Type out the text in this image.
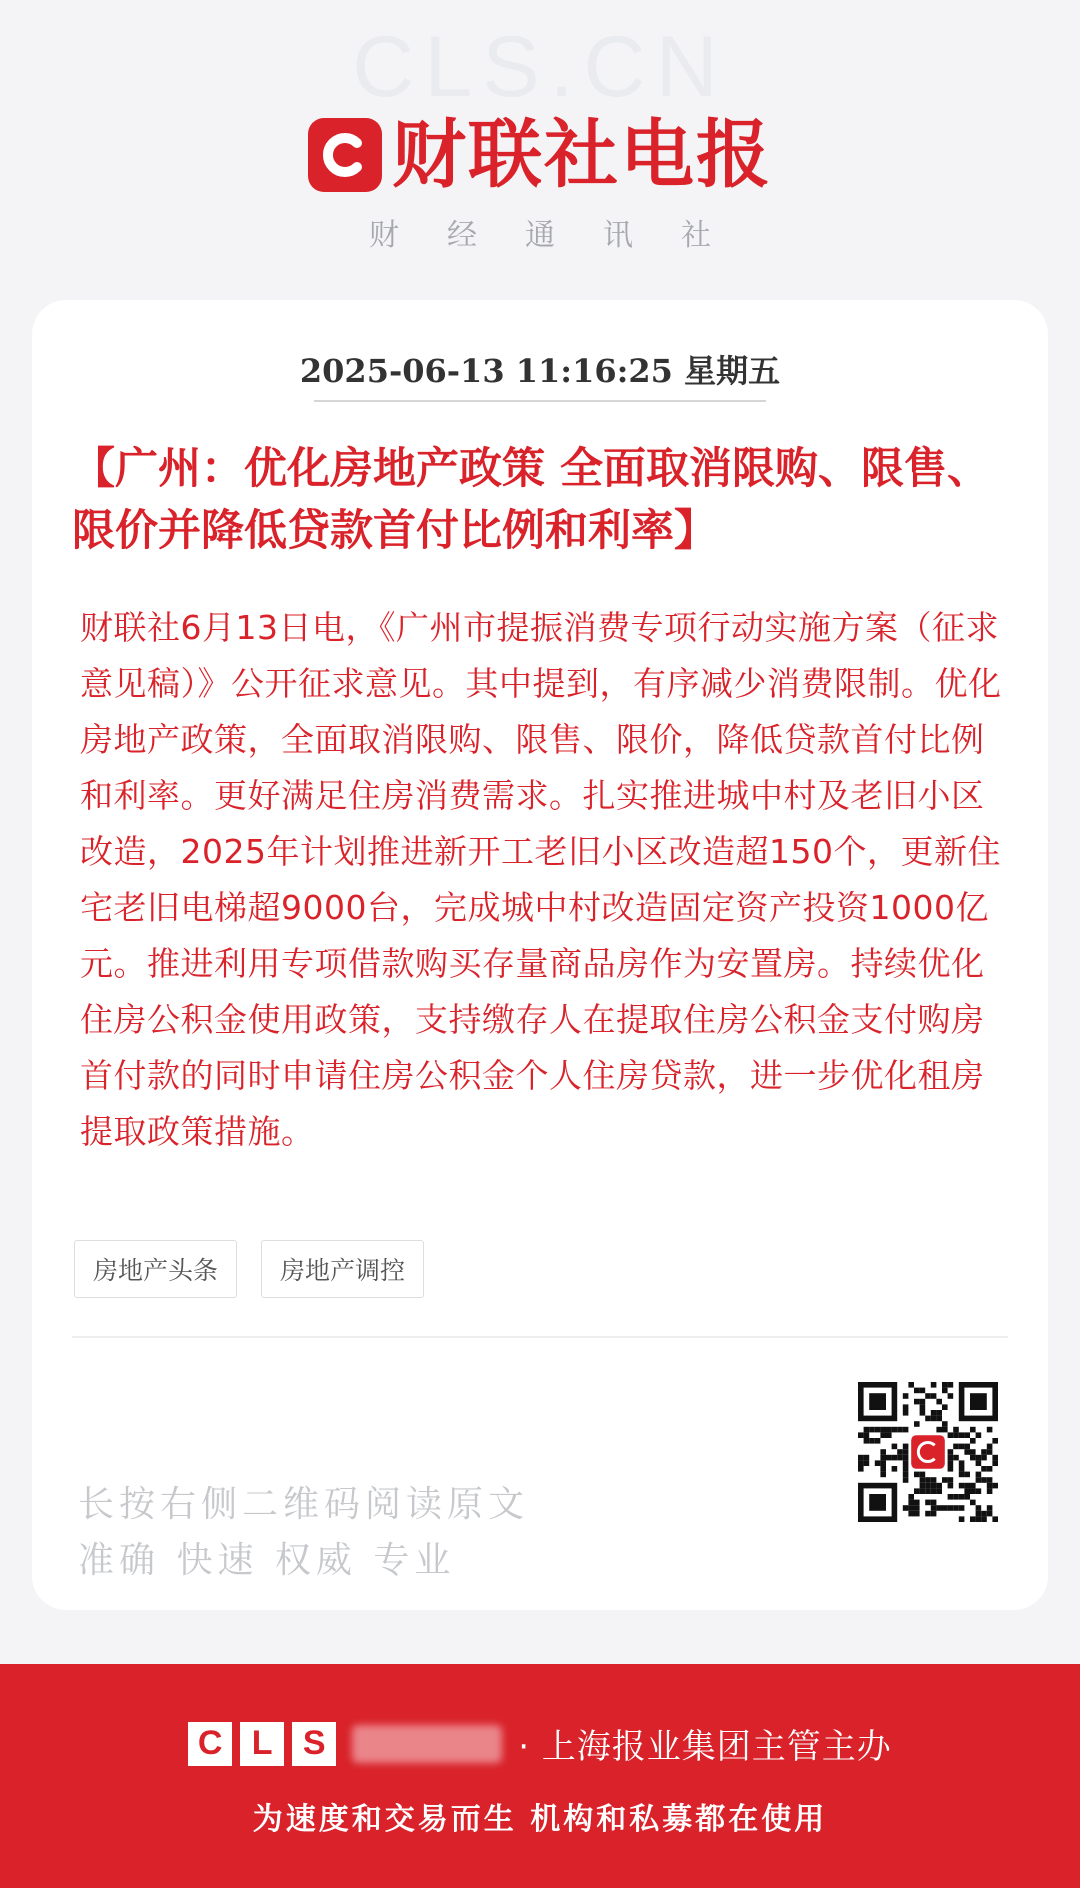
CLS.CN
财联社电报
财经通讯社
2025-06-13 11:16:25 星期五
【广州：优化房地产政策 全面取消限购、限售、限价并降低贷款首付比例和利率】
财联社6月13日电，《广州市提振消费专项行动实施方案（征求意见稿）》公开征求意见。其中提到，有序减少消费限制。优化房地产政策，全面取消限购、限售、限价，降低贷款首付比例和利率。更好满足住房消费需求。扎实推进城中村及老旧小区改造，2025年计划推进新开工老旧小区改造超150个，更新住宅老旧电梯超9000台，完成城中村改造固定资产投资1000亿元。推进利用专项借款购买存量商品房作为安置房。持续优化住房公积金使用政策，支持缴存人在提取住房公积金支付购房首付款的同时申请住房公积金个人住房贷款，进一步优化租房提取政策措施。
房地产头条	房地产调控
长按右侧二维码阅读原文
准确 快速 权威 专业
C L S	· 上海报业集团主管主办
为速度和交易而生 机构和私募都在使用
